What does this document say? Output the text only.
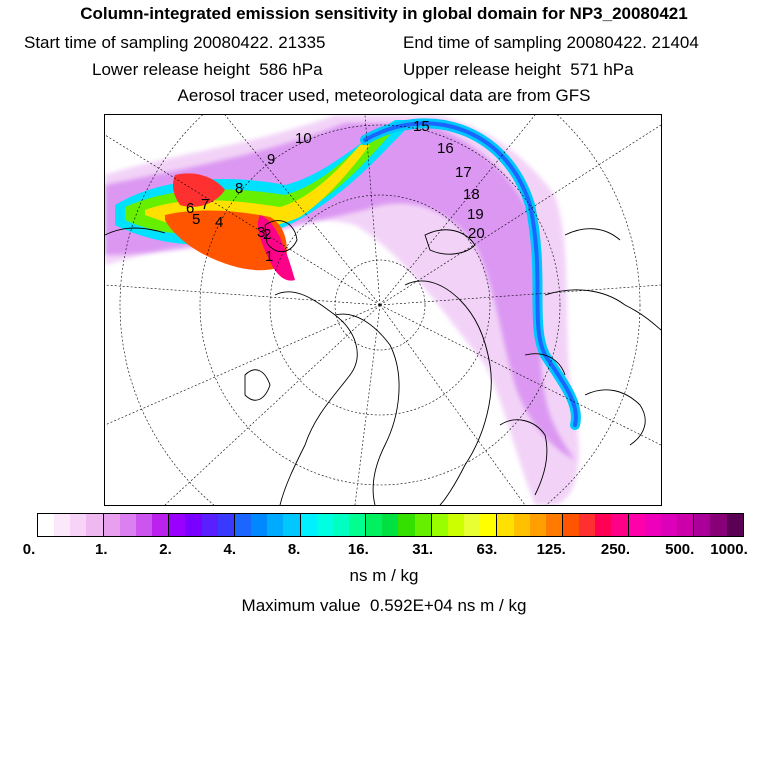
Column-integrated emission sensitivity in global domain for NP3_20080421
Start time of sampling 20080422. 21335	End time of sampling 20080422. 21404
Lower release height  586 hPa	Upper release height  571 hPa
Aerosol tracer used, meteorological data are from GFS
1
2
3
4
5
6 7
8
9
10
15
16
17
18
19
20
0.	1.	2.	4.	8.	16.	31.	63.	125. 250. 500. 1000.
ns m / kg
Maximum value  0.592E+04 ns m / kg
